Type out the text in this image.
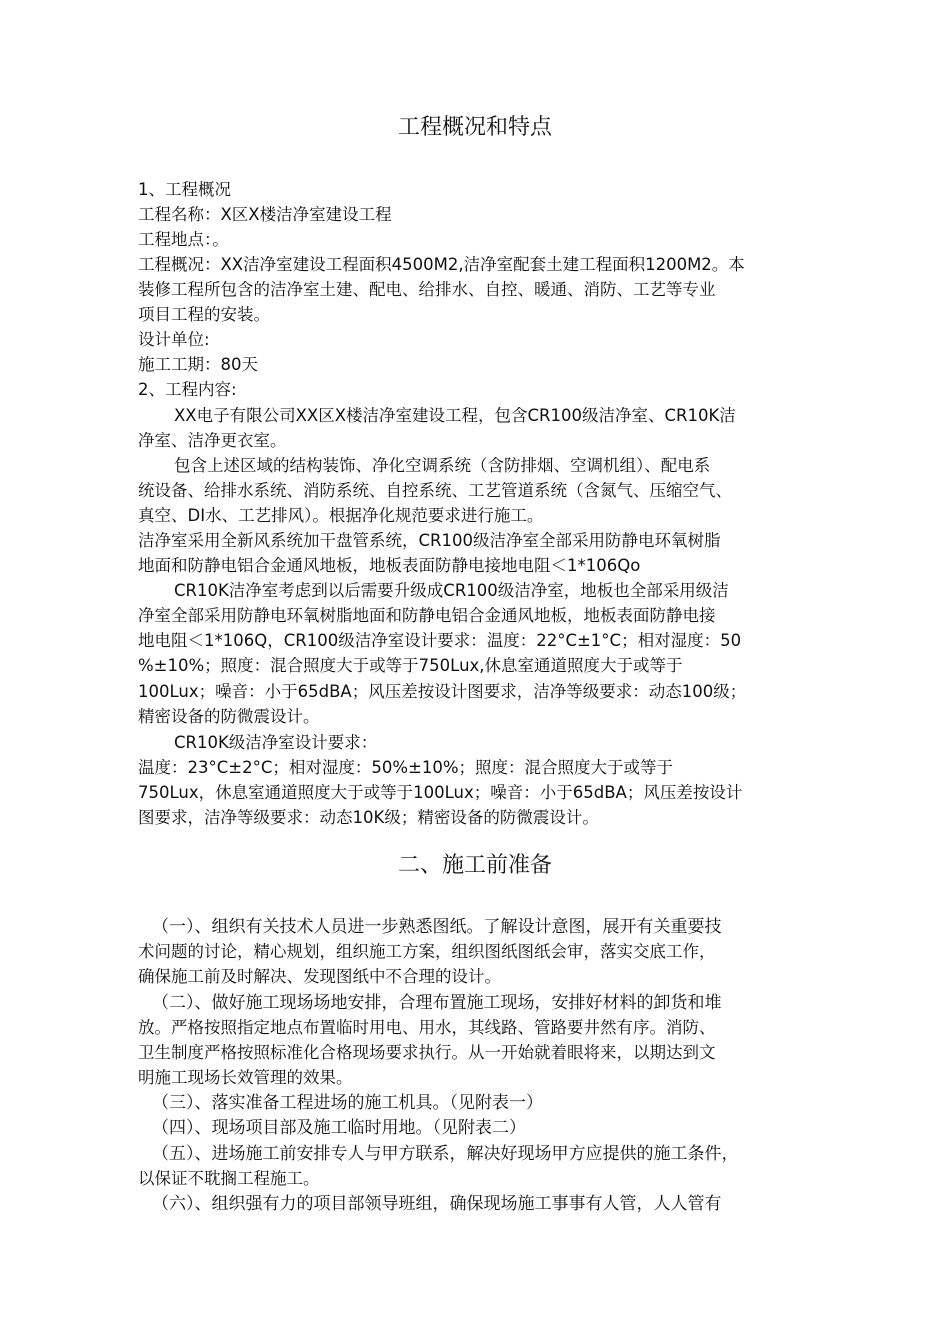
工程概况和特点
1、工程概况
工程名称：X区X楼洁净室建设工程
工程地点：。
工程概况：XX洁净室建设工程面积4500M2,洁净室配套土建工程面积1200M2。本
装修工程所包含的洁净室土建、配电、给排水、自控、暖通、消防、工艺等专业
项目工程的安装。
设计单位:
施工工期：80天
2、工程内容:
XX电子有限公司XX区X楼洁净室建设工程，包含CR100级洁净室、CR10K洁
净室、洁净更衣室。
包含上述区域的结构装饰、净化空调系统（含防排烟、空调机组）、配电系
统设备、给排水系统、消防系统、自控系统、工艺管道系统（含氮气、压缩空气、
真空、DI水、工艺排风）。根据净化规范要求进行施工。
洁净室采用全新风系统加干盘管系统，CR100级洁净室全部采用防静电环氧树脂
地面和防静电铝合金通风地板，地板表面防静电接地电阻＜1*106Qo
CR10K洁净室考虑到以后需要升级成CR100级洁净室，地板也全部采用级洁
净室全部采用防静电环氧树脂地面和防静电铝合金通风地板，地板表面防静电接
地电阻＜1*106Q，CR100级洁净室设计要求：温度：22°C±1°C；相对湿度：50
%±10%；照度：混合照度大于或等于750Lux,休息室通道照度大于或等于
100Lux；噪音：小于65dBA；风压差按设计图要求，洁净等级要求：动态100级；
精密设备的防微震设计。
CR10K级洁净室设计要求：
温度：23°C±2°C；相对湿度：50%±10%；照度：混合照度大于或等于
750Lux，休息室通道照度大于或等于100Lux；噪音：小于65dBA；风压差按设计
图要求，洁净等级要求：动态10K级；精密设备的防微震设计。
二、施工前准备
（一）、组织有关技术人员进一步熟悉图纸。了解设计意图，展开有关重要技
术问题的讨论，精心规划，组织施工方案，组织图纸图纸会审，落实交底工作，
确保施工前及时解决、发现图纸中不合理的设计。
（二）、做好施工现场场地安排，合理布置施工现场，安排好材料的卸货和堆
放。严格按照指定地点布置临时用电、用水，其线路、管路要井然有序。消防、
卫生制度严格按照标准化合格现场要求执行。从一开始就着眼将来，以期达到文
明施工现场长效管理的效果。
（三）、落实准备工程进场的施工机具。（见附表一）
（四）、现场项目部及施工临时用地。（见附表二）
（五）、进场施工前安排专人与甲方联系，解决好现场甲方应提供的施工条件，
以保证不耽搁工程施工。
（六）、组织强有力的项目部领导班组，确保现场施工事事有人管，人人管有
